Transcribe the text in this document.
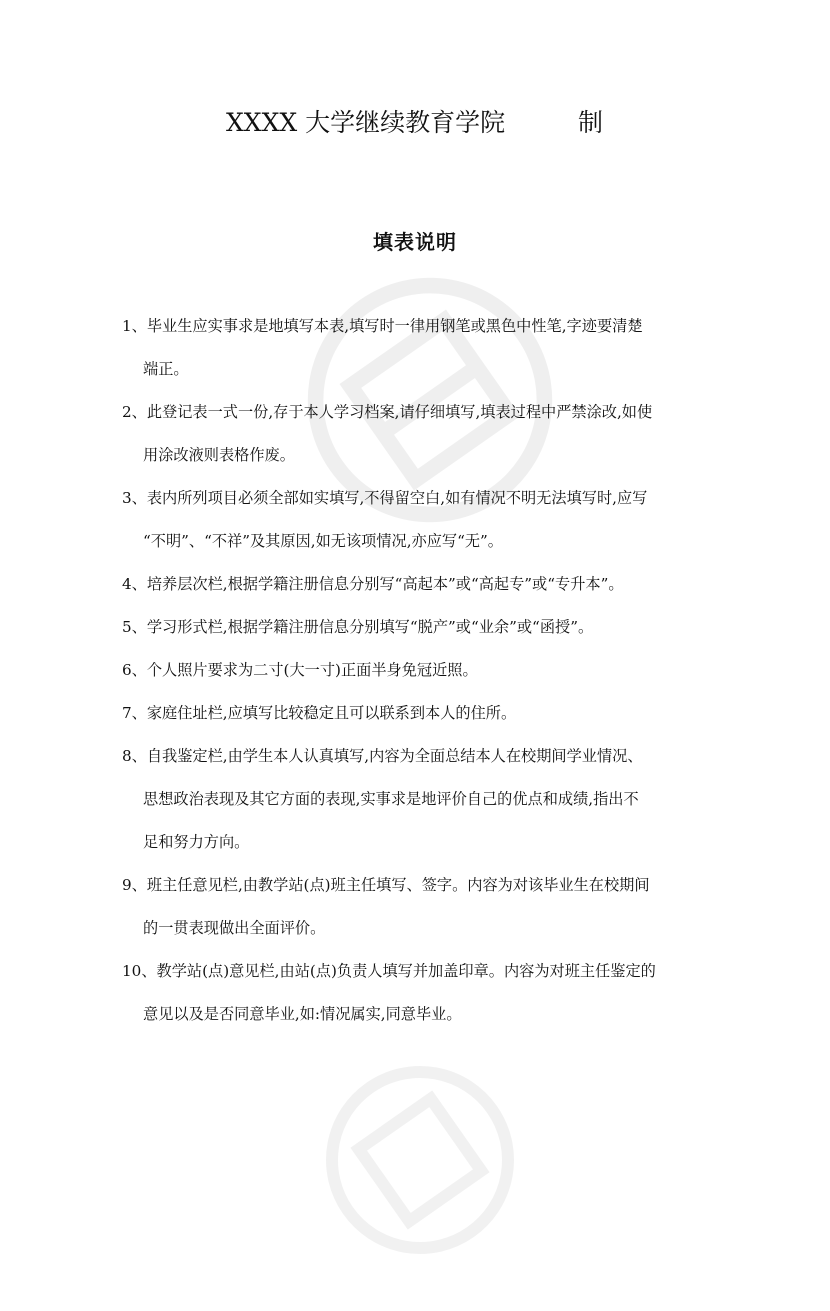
XXXX 大学继续教育学院	制
填表说明
1、毕业生应实事求是地填写本表,填写时一律用钢笔或黑色中性笔,字迹要清楚
端正。
2、此登记表一式一份,存于本人学习档案,请仔细填写,填表过程中严禁涂改,如使
用涂改液则表格作废。
3、表内所列项目必须全部如实填写,不得留空白,如有情况不明无法填写时,应写
“不明”、“不祥”及其原因,如无该项情况,亦应写“无”。
4、培养层次栏,根据学籍注册信息分别写“高起本”或“高起专”或“专升本”。
5、学习形式栏,根据学籍注册信息分别填写“脱产”或“业余”或“函授”。
6、个人照片要求为二寸(大一寸)正面半身免冠近照。
7、家庭住址栏,应填写比较稳定且可以联系到本人的住所。
8、自我鉴定栏,由学生本人认真填写,内容为全面总结本人在校期间学业情况、
思想政治表现及其它方面的表现,实事求是地评价自己的优点和成绩,指出不
足和努力方向。
9、班主任意见栏,由教学站(点)班主任填写、签字。内容为对该毕业生在校期间
的一贯表现做出全面评价。
10、教学站(点)意见栏,由站(点)负责人填写并加盖印章。内容为对班主任鉴定的
意见以及是否同意毕业,如:情况属实,同意毕业。
